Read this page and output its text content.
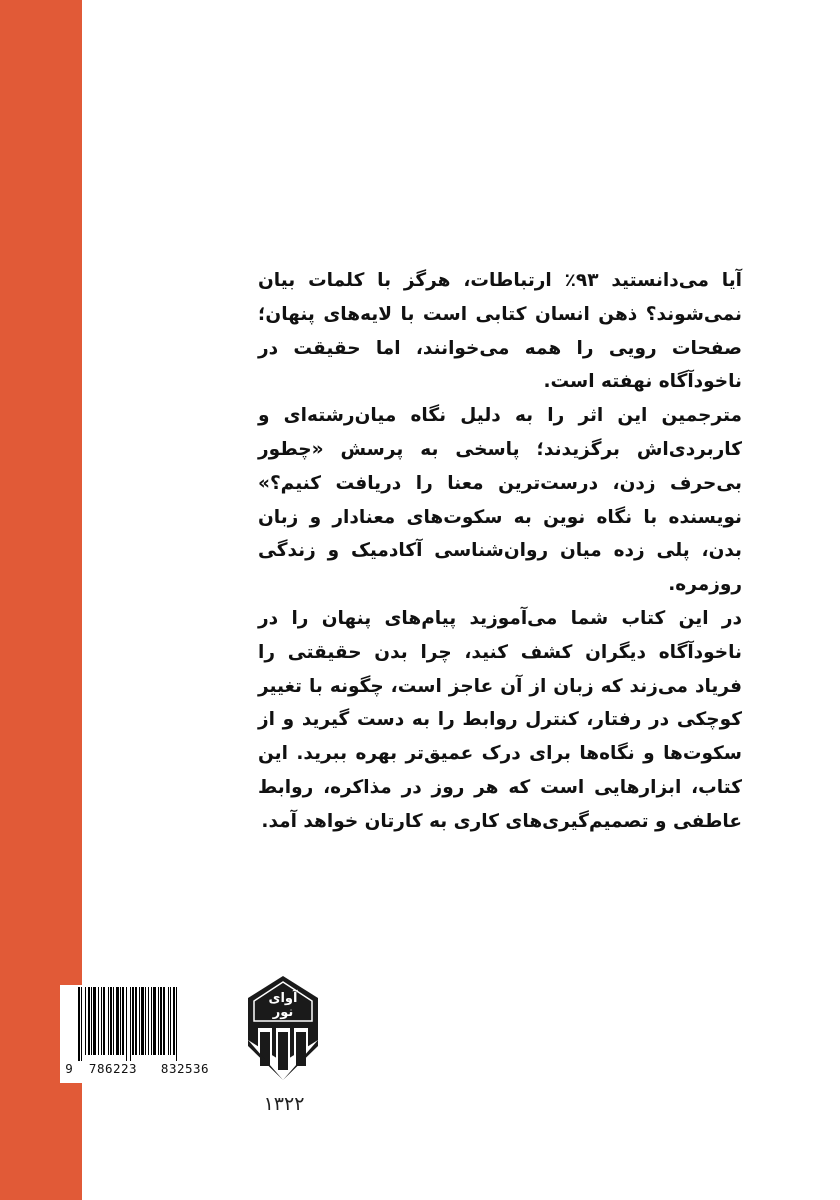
آیا می‌دانستید ۹۳٪ ارتباطات، هرگز با کلمات بیان نمی‌شوند؟ ذهن انسان کتابی است با لایه‌های پنهان؛ صفحات رویی را همه می‌خوانند، اما حقیقت در ناخودآگاه نهفته است.

مترجمین این اثر را به دلیل نگاه میان‌رشته‌ای و کاربردی‌اش برگزیدند؛ پاسخی به پرسش «چطور بی‌حرف زدن، درست‌ترین معنا را دریافت کنیم؟» نویسنده با نگاه نوین به سکوت‌های معنادار و زبان بدن، پلی زده میان روان‌شناسی آکادمیک و زندگی روزمره.

در این کتاب شما می‌آموزید پیام‌های پنهان را در ناخودآگاه دیگران کشف کنید، چرا بدن حقیقتی را فریاد می‌زند که زبان از آن عاجز است، چگونه با تغییر کوچکی در رفتار، کنترل روابط را به دست گیرید و از سکوت‌ها و نگاه‌ها برای درک عمیق‌تر بهره ببرید. این کتاب، ابزارهایی است که هر روز در مذاکره، روابط عاطفی و تصمیم‌گیری‌های کاری به کارتان خواهد آمد.

9	786223	832536
آوای
نور
۱۳۲۲
